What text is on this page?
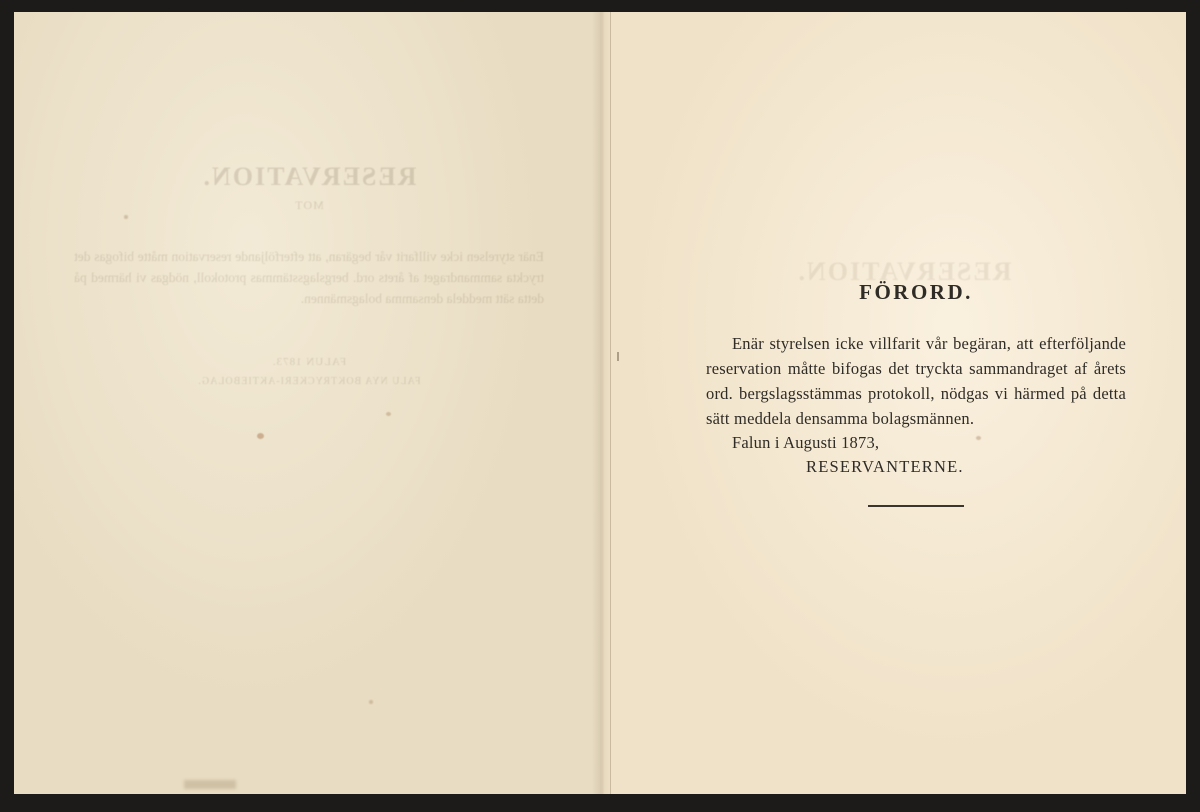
RESERVATION.
MOT
Enär styrelsen icke villfarit vår begäran, att efterföljande reservation måtte bifogas det tryckta sammandraget af årets ord. bergslagsstämmas protokoll, nödgas vi härmed på detta sätt meddela densamma bolagsmännen.
FALUN 1873.
FALU NYA BOKTRYCKERI-AKTIEBOLAG.
FÖRORD.

Enär styrelsen icke villfarit vår begäran, att efterföljande reservation måtte bifogas det tryckta sammandraget af årets ord. bergslagsstämmas protokoll, nödgas vi härmed på detta sätt meddela densamma bolagsmännen.

Falun i Augusti 1873,

RESERVANTERNE.
